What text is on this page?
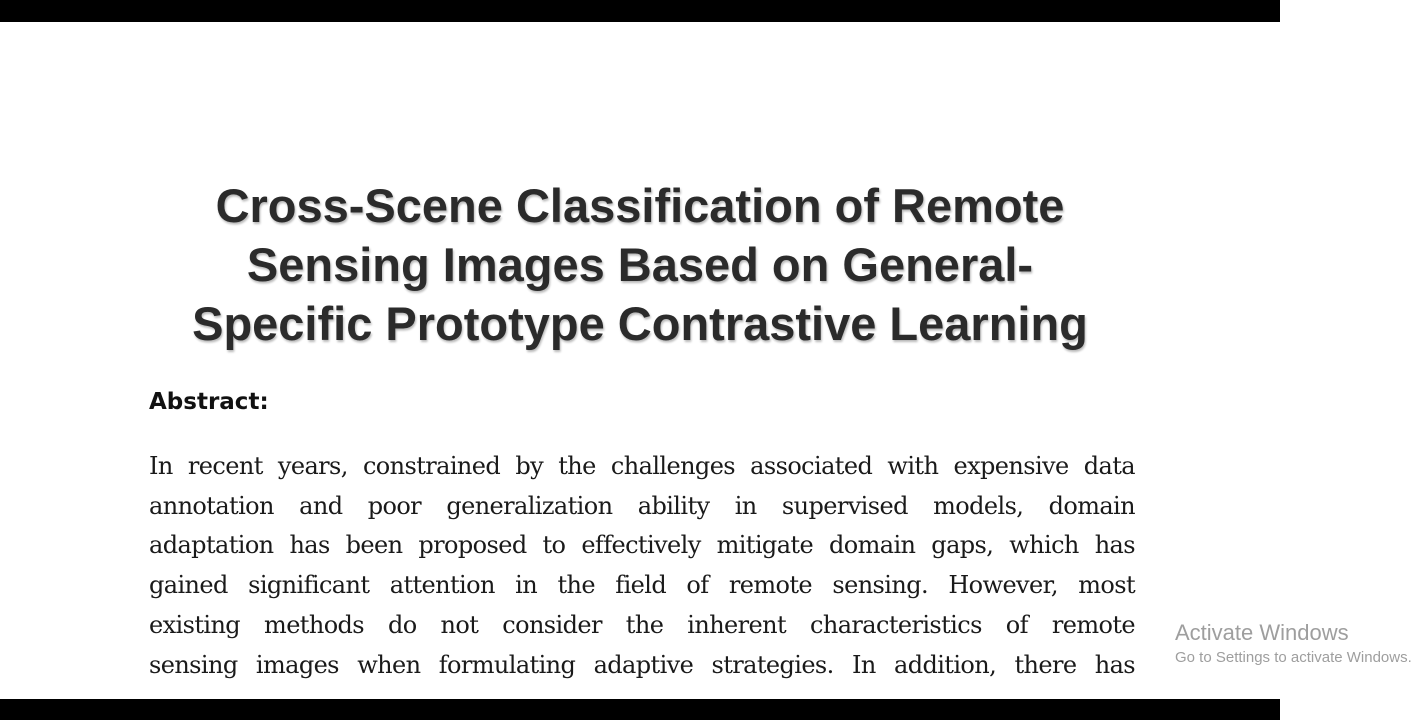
Cross-Scene Classification of Remote
Sensing Images Based on General-
Specific Prototype Contrastive Learning
Abstract:

In recent years, constrained by the challenges associated with expensive data
annotation and poor generalization ability in supervised models, domain
adaptation has been proposed to effectively mitigate domain gaps, which has
gained significant attention in the field of remote sensing. However, most
existing methods do not consider the inherent characteristics of remote
sensing images when formulating adaptive strategies. In addition, there has

Activate Windows
Go to Settings to activate Windows.
